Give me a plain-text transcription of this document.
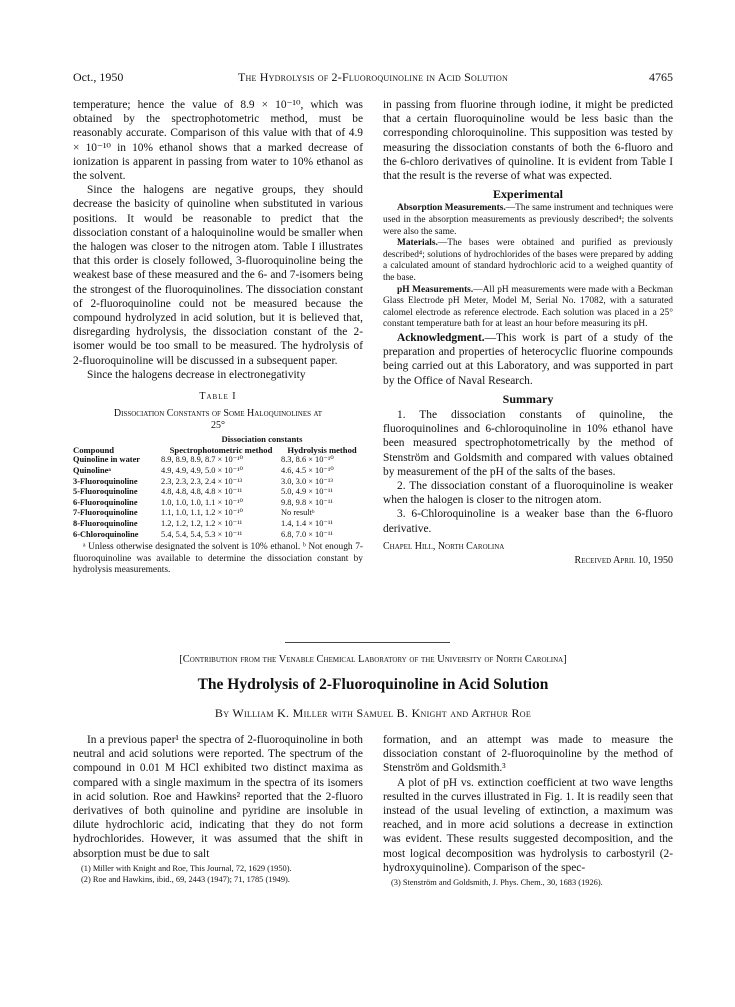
Oct., 1950	The Hydrolysis of 2-Fluoroquinoline in Acid Solution	4765

temperature; hence the value of 8.9 × 10⁻¹⁰, which was obtained by the spectrophotometric method, must be reasonably accurate. Comparison of this value with that of 4.9 × 10⁻¹⁰ in 10% ethanol shows that a marked decrease of ionization is apparent in passing from water to 10% ethanol as the solvent.

Since the halogens are negative groups, they should decrease the basicity of quinoline when substituted in various positions. It would be reasonable to predict that the dissociation constant of a haloquinoline would be smaller when the halogen was closer to the nitrogen atom. Table I illustrates that this order is closely followed, 3-fluoroquinoline being the weakest base of these measured and the 6- and 7-isomers being the strongest of the fluoroquinolines. The dissociation constant of 2-fluoroquinoline could not be measured because the compound hydrolyzed in acid solution, but it is believed that, disregarding hydrolysis, the dissociation constant of the 2-isomer would be too small to be measured. The hydrolysis of 2-fluoroquinoline will be discussed in a subsequent paper.

Since the halogens decrease in electronegativity

Table I
Dissociation Constants of Some Haloquinolines at
25°
	Dissociation constants	
Compound	Spectrophotometric method	Hydrolysis method
Quinoline in water	8.9, 8.9, 8.9, 8.7 × 10⁻¹⁰	8.3, 8.6 × 10⁻¹⁰
Quinolineᵃ	4.9, 4.9, 4.9, 5.0 × 10⁻¹⁰	4.6, 4.5 × 10⁻¹⁰
3-Fluoroquinoline	2.3, 2.3, 2.3, 2.4 × 10⁻¹³	3.0, 3.0 × 10⁻¹³
5-Fluoroquinoline	4.8, 4.8, 4.8, 4.8 × 10⁻¹¹	5.0, 4.9 × 10⁻¹¹
6-Fluoroquinoline	1.0, 1.0, 1.0, 1.1 × 10⁻¹⁰	9.8, 9.8 × 10⁻¹¹
7-Fluoroquinoline	1.1, 1.0, 1.1, 1.2 × 10⁻¹⁰	No resultᵇ
8-Fluoroquinoline	1.2, 1.2, 1.2, 1.2 × 10⁻¹¹	1.4, 1.4 × 10⁻¹¹
6-Chloroquinoline	5.4, 5.4, 5.4, 5.3 × 10⁻¹¹	6.8, 7.0 × 10⁻¹¹

ᵃ Unless otherwise designated the solvent is 10% ethanol. ᵇ Not enough 7-fluoroquinoline was available to determine the dissociation constant by hydrolysis measurements.

in passing from fluorine through iodine, it might be predicted that a certain fluoroquinoline would be less basic than the corresponding chloroquinoline. This supposition was tested by measuring the dissociation constants of both the 6-fluoro and the 6-chloro derivatives of quinoline. It is evident from Table I that the result is the reverse of what was expected.

Experimental

Absorption Measurements.—The same instrument and techniques were used in the absorption measurements as previously described⁴; the solvents were also the same.

Materials.—The bases were obtained and purified as previously described⁴; solutions of hydrochlorides of the bases were prepared by adding a calculated amount of standard hydrochloric acid to a weighed quantity of the base.

pH Measurements.—All pH measurements were made with a Beckman Glass Electrode pH Meter, Model M, Serial No. 17082, with a saturated calomel electrode as reference electrode. Each solution was placed in a 25° constant temperature bath for at least an hour before measuring its pH.

Acknowledgment.—This work is part of a study of the preparation and properties of heterocyclic fluorine compounds being carried out at this Laboratory, and was supported in part by the Office of Naval Research.

Summary

1. The dissociation constants of quinoline, the fluoroquinolines and 6-chloroquinoline in 10% ethanol have been measured spectrophotometrically by the method of Stenström and Goldsmith and compared with values obtained by measurement of the pH of the salts of the bases.

2. The dissociation constant of a fluoroquinoline is weaker when the halogen is closer to the nitrogen atom.

3. 6-Chloroquinoline is a weaker base than the 6-fluoro derivative.

Chapel Hill, North Carolina
Received April 10, 1950
[Contribution from the Venable Chemical Laboratory of the University of North Carolina]
The Hydrolysis of 2-Fluoroquinoline in Acid Solution
By William K. Miller with Samuel B. Knight and Arthur Roe

In a previous paper¹ the spectra of 2-fluoroquinoline in both neutral and acid solutions were reported. The spectrum of the compound in 0.01 M HCl exhibited two distinct maxima as compared with a single maximum in the spectra of its isomers in acid solution. Roe and Hawkins² reported that the 2-fluoro derivatives of both quinoline and pyridine are insoluble in dilute hydrochloric acid, indicating that they do not form hydrochlorides. However, it was assumed that the shift in absorption must be due to salt

(1) Miller with Knight and Roe, This Journal, 72, 1629 (1950).
(2) Roe and Hawkins, ibid., 69, 2443 (1947); 71, 1785 (1949).

formation, and an attempt was made to measure the dissociation constant of 2-fluoroquinoline by the method of Stenström and Goldsmith.³

A plot of pH vs. extinction coefficient at two wave lengths resulted in the curves illustrated in Fig. 1. It is readily seen that instead of the usual leveling of extinction, a maximum was reached, and in more acid solutions a decrease in extinction was evident. These results suggested decomposition, and the most logical decomposition was hydrolysis to carbostyril (2-hydroxyquinoline). Comparison of the spec-

(3) Stenström and Goldsmith, J. Phys. Chem., 30, 1683 (1926).
